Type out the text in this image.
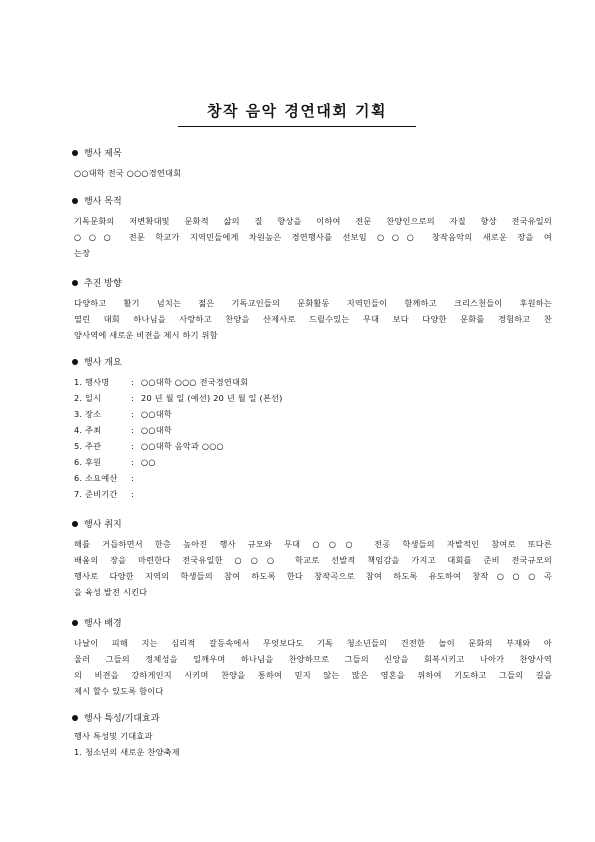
창작 음악 경연대회 기획
행사 제목
○○대학 전국 ○○○경연대회
행사 목적
기독문화의 저변확대및 문화적 삶의 질 향상을 이하여 전문 찬양인으로의 자질 향상 전국유일의
○○○ 전문 학교가 지역민들에게 차원높은 경연행사를 선보임 ○○○ 창작음악의 새로운 장을 여
는장
추진 방향
다양하고 활기 넘치는 젊은 기독교인들의 문화활동 지역민들이 함께하고 크리스천들이 후원하는
열린 대회 하나님을 사랑하고 찬양을 산제사로 드릴수있는 무대 보다 다양한 문화를 경험하고 찬
양사역에 새로운 비젼을 제시 하기 위함
행사 개요
1. 행사명	: ○○대학 ○○○ 전국경연대회
2. 일시	: 20 년 월 일 (예선) 20 년 월 일 (본선)
3. 장소	: ○○대학
4. 주최	: ○○대학
5. 주관	: ○○대학 음악과 ○○○
6. 후원	: ○○
6. 소요예산:
7. 준비기간:
행사 취지
해를 거듭하면서 한층 높아진 행사 규모와 무대 ○○○ 전공 학생들의 자발적인 참여로 또다른
배움의 장을 마련한다 전국유일한 ○○○ 학교로 선발적 책임감을 가지고 대회를 준비 전국규모의
행사로 다양한 지역의 학생들의 참여 하도록 한다 창작곡으로 참여 하도록 유도하여 창작○○○곡
을 육성 발전 시킨다
행사 배경
나날이 피해 지는 심리적 갈등속에서 무엇보다도 기독 청소년들의 건전한 놀이 문화의 부재와 아
울러 그들의 정체성을 일깨우며 하나님을 찬양하므로 그들의 신앙을 회복시키고 나아가 찬양사역
의 비젼을 강하게인지 시키며 찬양을 통하여 믿지 않는 많은 영혼을 위하여 기도하고 그들의 길을
제시 할수 있도록 함이다
행사 특성/기대효과
행사 특성및 기대효과
1. 청소년의 새로운 찬양축제
